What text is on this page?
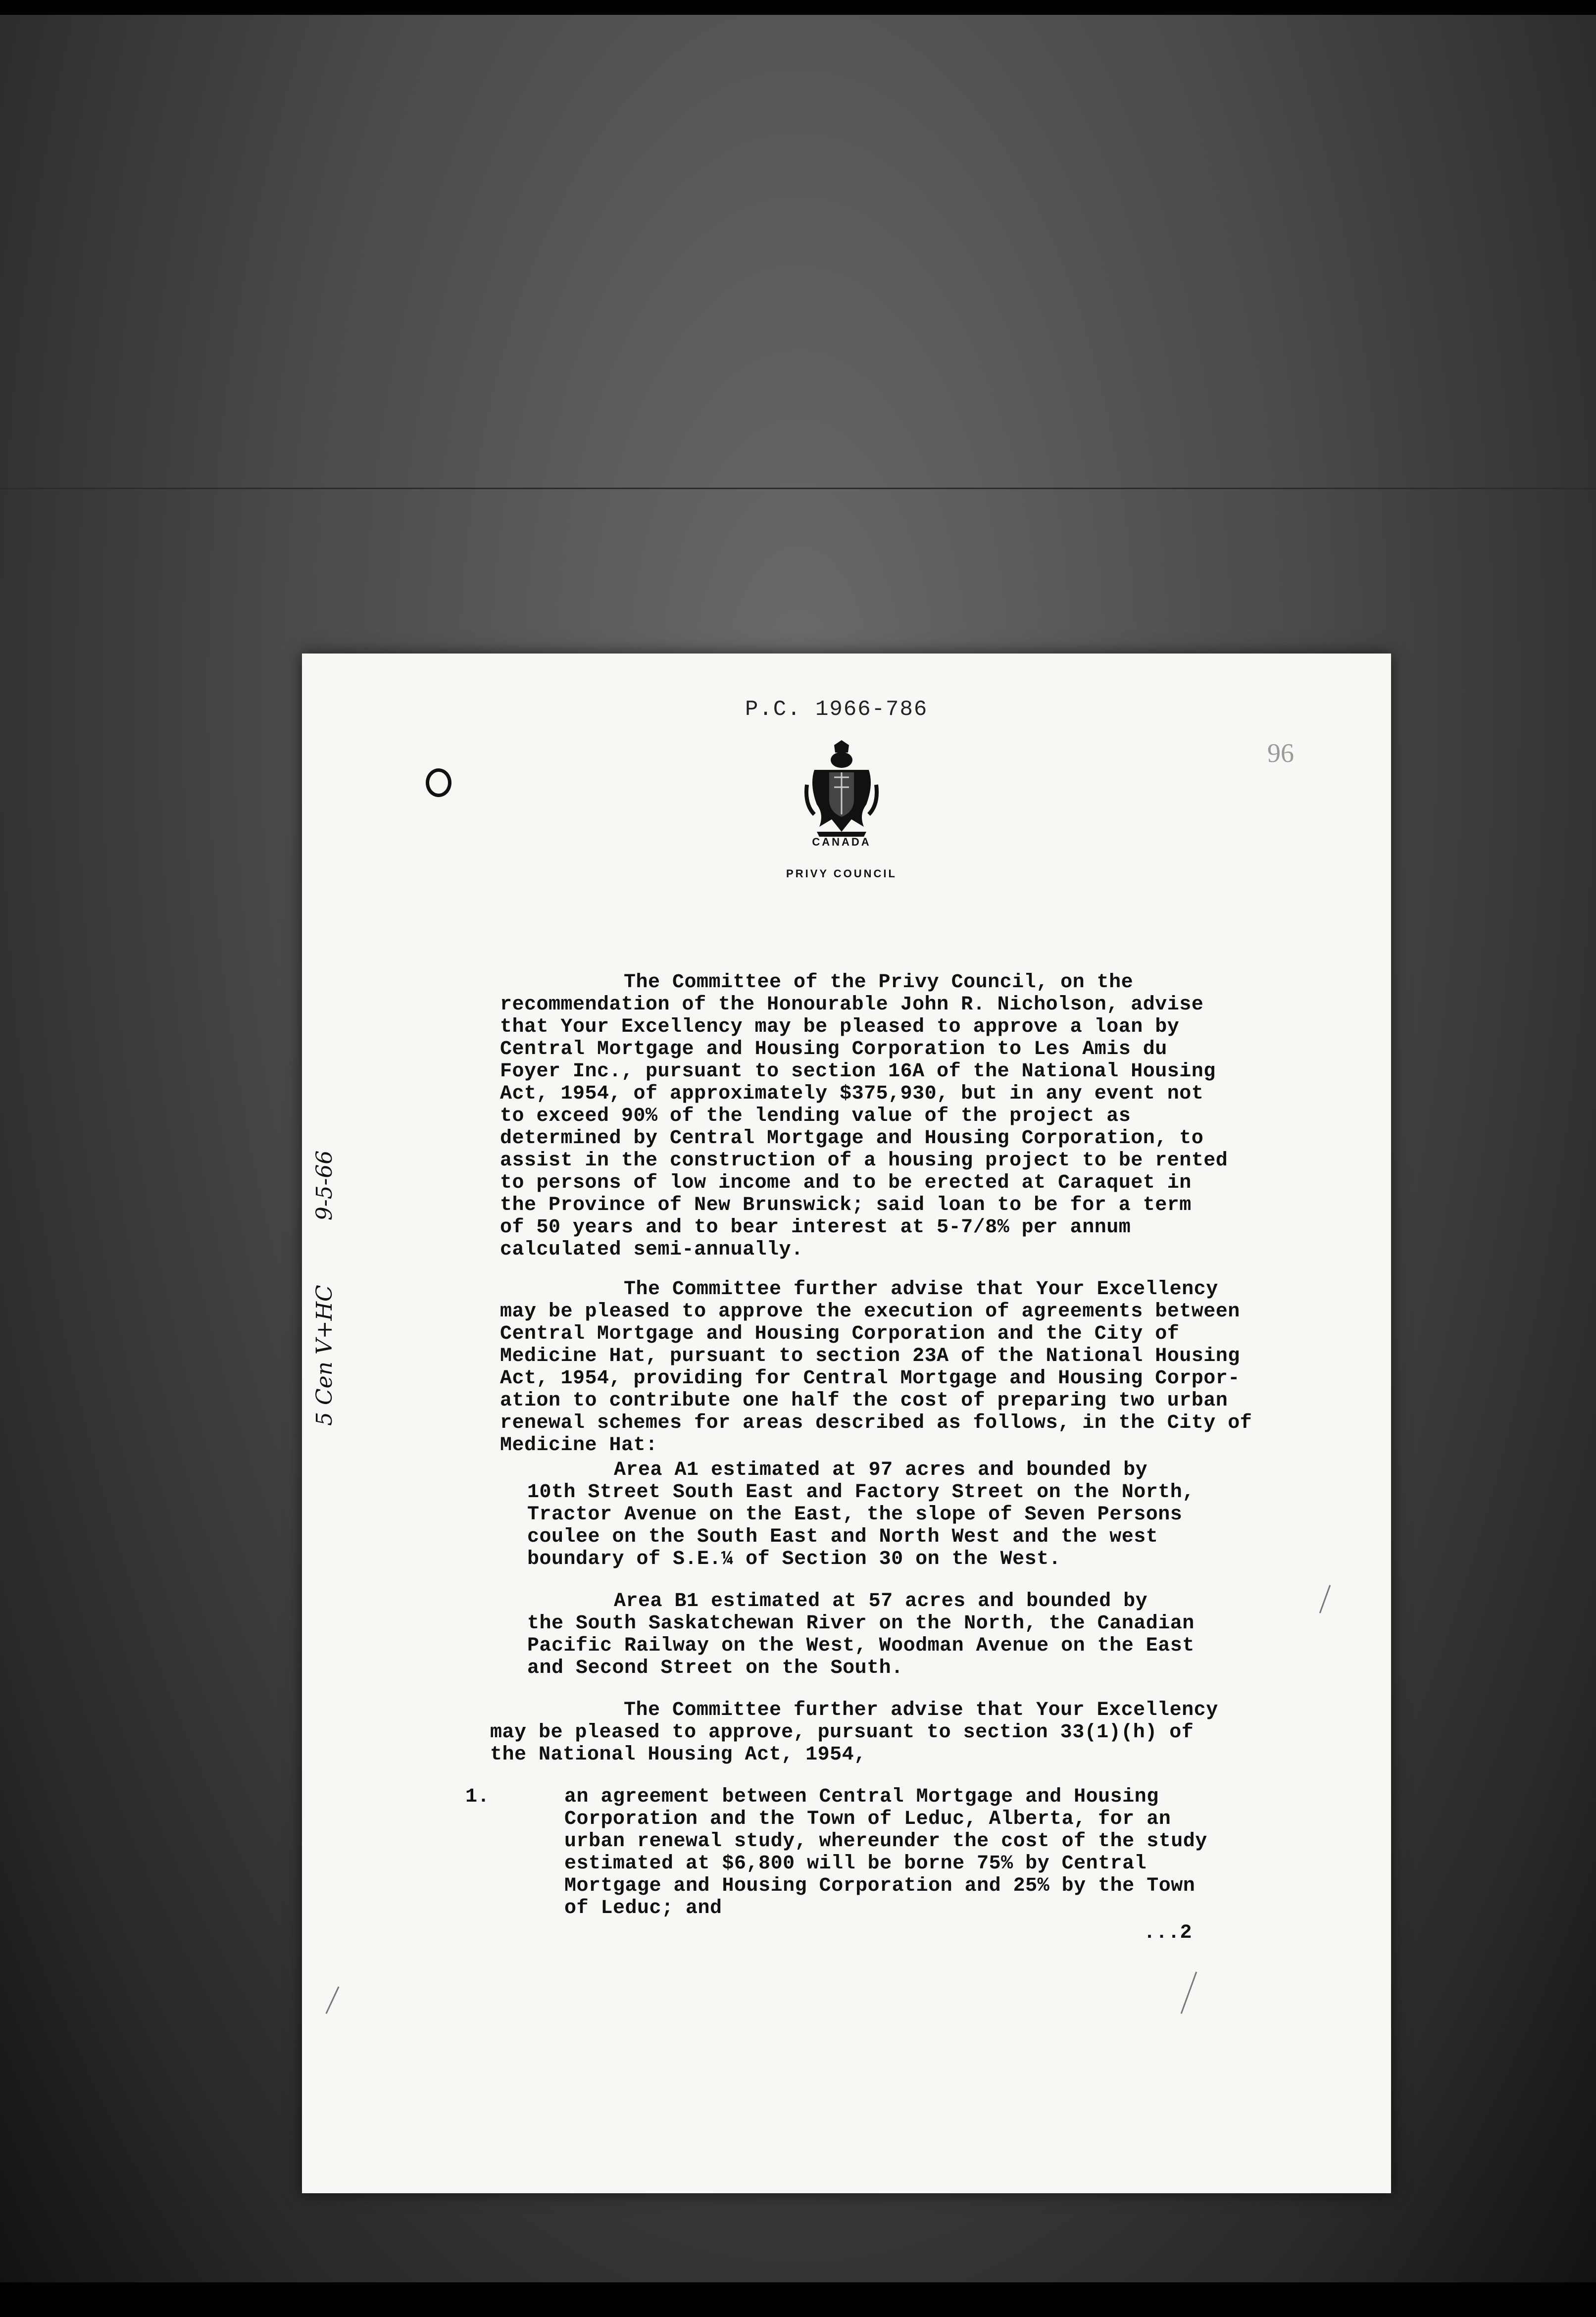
P.C. 1966-786
96
CANADA
PRIVY COUNCIL
5 Cen V+HC9-5-66
The Committee of the Privy Council, on the
recommendation of the Honourable John R. Nicholson, advise
that Your Excellency may be pleased to approve a loan by
Central Mortgage and Housing Corporation to Les Amis du
Foyer Inc., pursuant to section 16A of the National Housing
Act, 1954, of approximately $375,930, but in any event not
to exceed 90% of the lending value of the project as
determined by Central Mortgage and Housing Corporation, to
assist in the construction of a housing project to be rented
to persons of low income and to be erected at Caraquet in
the Province of New Brunswick; said loan to be for a term
of 50 years and to bear interest at 5-7/8% per annum
calculated semi-annually.
The Committee further advise that Your Excellency
may be pleased to approve the execution of agreements between
Central Mortgage and Housing Corporation and the City of
Medicine Hat, pursuant to section 23A of the National Housing
Act, 1954, providing for Central Mortgage and Housing Corpor-
ation to contribute one half the cost of preparing two urban
renewal schemes for areas described as follows, in the City of
Medicine Hat:
Area A1 estimated at 97 acres and bounded by
10th Street South East and Factory Street on the North,
Tractor Avenue on the East, the slope of Seven Persons
coulee on the South East and North West and the west
boundary of S.E.¼ of Section 30 on the West.
Area B1 estimated at 57 acres and bounded by
the South Saskatchewan River on the North, the Canadian
Pacific Railway on the West, Woodman Avenue on the East
and Second Street on the South.
The Committee further advise that Your Excellency
may be pleased to approve, pursuant to section 33(1)(h) of
the National Housing Act, 1954,
1.	an agreement between Central Mortgage and Housing
Corporation and the Town of Leduc, Alberta, for an
urban renewal study, whereunder the cost of the study
estimated at $6,800 will be borne 75% by Central
Mortgage and Housing Corporation and 25% by the Town
of Leduc; and
...2
